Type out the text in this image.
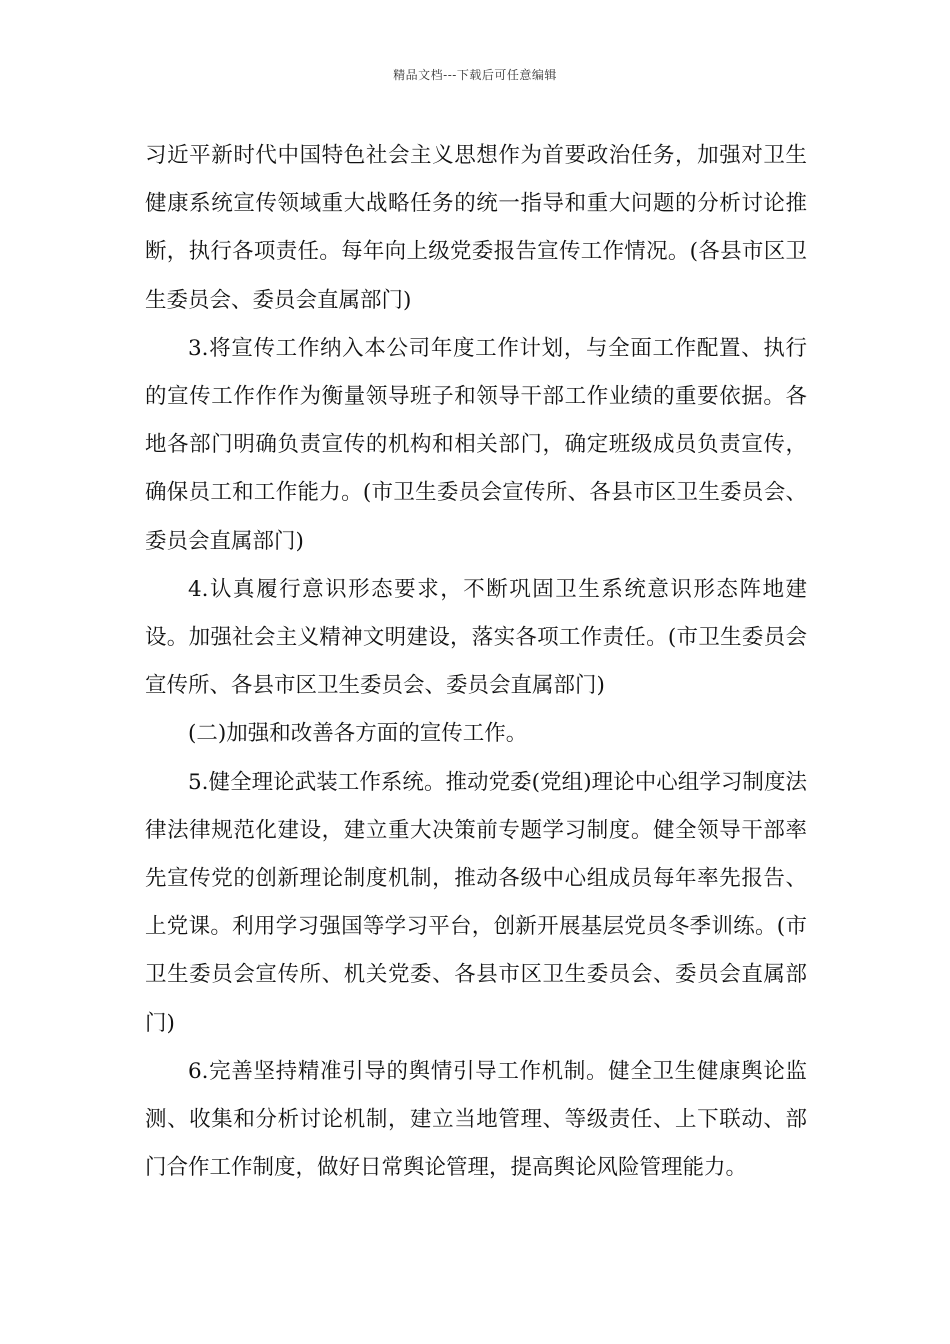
精品文档---下载后可任意编辑

习近平新时代中国特色社会主义思想作为首要政治任务，加强对卫生健康系统宣传领域重大战略任务的统一指导和重大问题的分析讨论推断，执行各项责任。每年向上级党委报告宣传工作情况。(各县市区卫生委员会、委员会直属部门)

3.将宣传工作纳入本公司年度工作计划，与全面工作配置、执行的宣传工作作作为衡量领导班子和领导干部工作业绩的重要依据。各地各部门明确负责宣传的机构和相关部门，确定班级成员负责宣传，确保员工和工作能力。(市卫生委员会宣传所、各县市区卫生委员会、委员会直属部门)

4.认真履行意识形态要求，不断巩固卫生系统意识形态阵地建设。加强社会主义精神文明建设，落实各项工作责任。(市卫生委员会宣传所、各县市区卫生委员会、委员会直属部门)

(二)加强和改善各方面的宣传工作。

5.健全理论武装工作系统。推动党委(党组)理论中心组学习制度法律法律规范化建设，建立重大决策前专题学习制度。健全领导干部率先宣传党的创新理论制度机制，推动各级中心组成员每年率先报告、上党课。利用学习强国等学习平台，创新开展基层党员冬季训练。(市卫生委员会宣传所、机关党委、各县市区卫生委员会、委员会直属部门)

6.完善坚持精准引导的舆情引导工作机制。健全卫生健康舆论监测、收集和分析讨论机制，建立当地管理、等级责任、上下联动、部门合作工作制度，做好日常舆论管理，提高舆论风险管理能力。
